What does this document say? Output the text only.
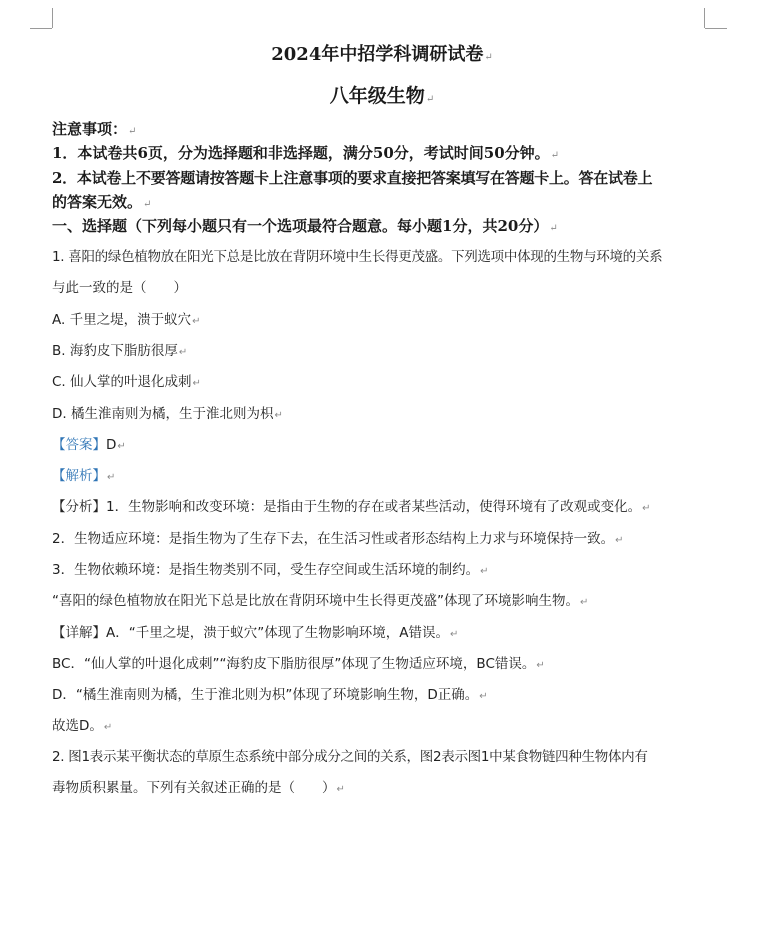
2024年中招学科调研试卷↵
八年级生物↵
注意事项：↵
1．本试卷共6页，分为选择题和非选择题，满分50分，考试时间50分钟。↵
2．本试卷上不要答题请按答题卡上注意事项的要求直接把答案填写在答题卡上。答在试卷上
的答案无效。↵
一、选择题（下列每小题只有一个选项最符合题意。每小题1分，共20分）↵
1. 喜阳的绿色植物放在阳光下总是比放在背阴环境中生长得更茂盛。下列选项中体现的生物与环境的关系
与此一致的是（　　）
A. 千里之堤，溃于蚁穴↵
B. 海豹皮下脂肪很厚↵
C. 仙人掌的叶退化成刺↵
D. 橘生淮南则为橘，生于淮北则为枳↵
【答案】D↵
【解析】↵
【分析】1．生物影响和改变环境：是指由于生物的存在或者某些活动，使得环境有了改观或变化。↵
2．生物适应环境：是指生物为了生存下去，在生活习性或者形态结构上力求与环境保持一致。↵
3．生物依赖环境：是指生物类别不同，受生存空间或生活环境的制约。↵
“喜阳的绿色植物放在阳光下总是比放在背阴环境中生长得更茂盛”体现了环境影响生物。↵
【详解】A．“千里之堤，溃于蚁穴”体现了生物影响环境，A错误。↵
BC．“仙人掌的叶退化成刺”“海豹皮下脂肪很厚”体现了生物适应环境，BC错误。↵
D．“橘生淮南则为橘，生于淮北则为枳”体现了环境影响生物，D正确。↵
故选D。↵
2. 图1表示某平衡状态的草原生态系统中部分成分之间的关系，图2表示图1中某食物链四种生物体内有
毒物质积累量。下列有关叙述正确的是（　　）↵
